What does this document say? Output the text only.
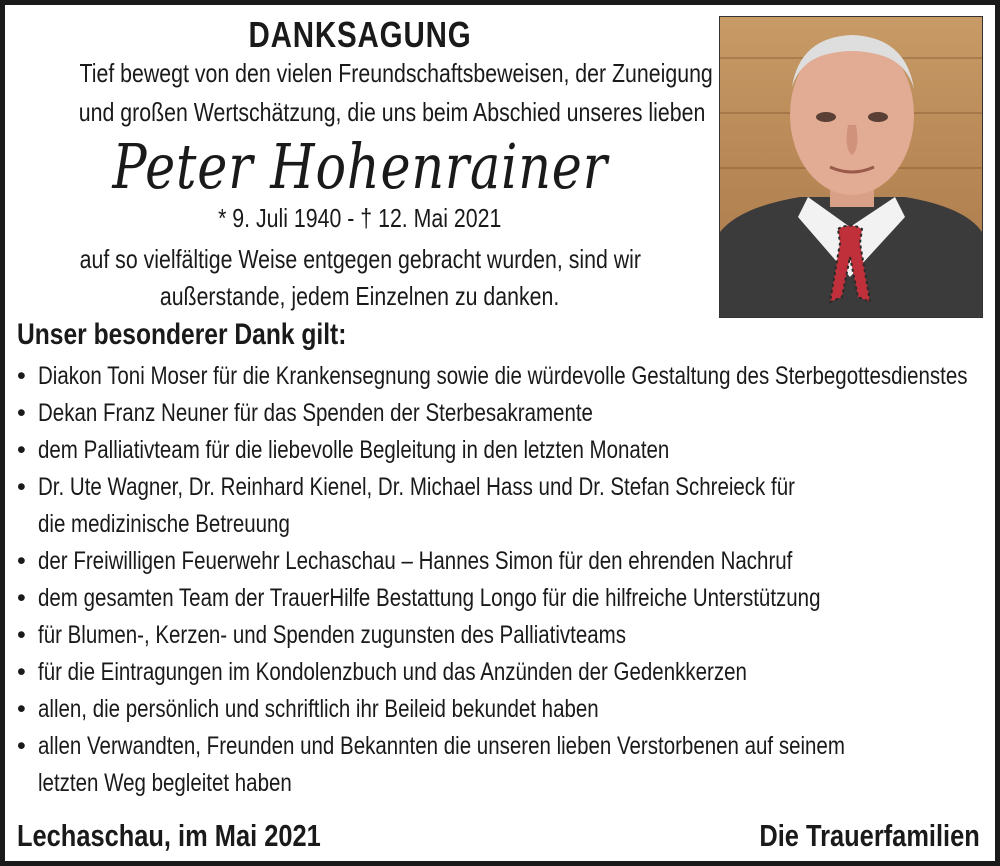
DANKSAGUNG
Tief bewegt von den vielen Freundschaftsbeweisen, der Zuneigung
und großen Wertschätzung, die uns beim Abschied unseres lieben
Peter Hohenrainer
* 9. Juli 1940 - † 12. Mai 2021
auf so vielfältige Weise entgegen gebracht wurden, sind wir
außerstande, jedem Einzelnen zu danken.
Unser besonderer Dank gilt:
• Diakon Toni Moser für die Krankensegnung sowie die würdevolle Gestaltung des Sterbegottesdienstes
• Dekan Franz Neuner für das Spenden der Sterbesakramente
• dem Palliativteam für die liebevolle Begleitung in den letzten Monaten
• Dr. Ute Wagner, Dr. Reinhard Kienel, Dr. Michael Hass und Dr. Stefan Schreieck für
die medizinische Betreuung
• der Freiwilligen Feuerwehr Lechaschau – Hannes Simon für den ehrenden Nachruf
• dem gesamten Team der TrauerHilfe Bestattung Longo für die hilfreiche Unterstützung
• für Blumen-, Kerzen- und Spenden zugunsten des Palliativteams
• für die Eintragungen im Kondolenzbuch und das Anzünden der Gedenkkerzen
• allen, die persönlich und schriftlich ihr Beileid bekundet haben
• allen Verwandten, Freunden und Bekannten die unseren lieben Verstorbenen auf seinem
letzten Weg begleitet haben
Lechaschau, im Mai 2021	Die Trauerfamilien
